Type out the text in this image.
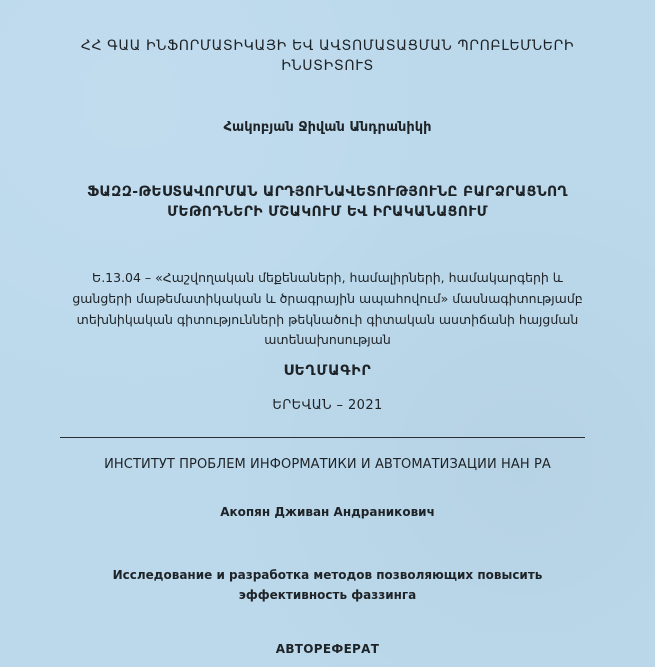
ՀՀ ԳԱԱ ԻՆՖՈՐՄԱՏԻԿԱՅԻ ԵՎ ԱՎՏՈՄԱՏԱՑՄԱՆ ՊՐՈԲԼԵՄՆԵՐԻ
ԻՆՍՏԻՏՈՒՏ
Հակոբյան Ջիվան Անդրանիկի
ՖԱԶԶ-ԹԵՍՏԱՎՈՐՄԱՆ ԱՐԴՅՈՒՆԱՎԵՏՈՒԹՅՈՒՆԸ ԲԱՐՁՐԱՑՆՈՂ
ՄԵԹՈԴՆԵՐԻ ՄՇԱԿՈՒՄ ԵՎ ԻՐԱԿԱՆԱՑՈՒՄ
Ե.13.04 – «Հաշվողական մեքենաների, համալիրների, համակարգերի և
ցանցերի մաթեմատիկական և ծրագրային ապահովում» մասնագիտությամբ
տեխնիկական գիտությունների թեկնածուի գիտական աստիճանի հայցման
ատենախոսության
ՍԵՂՄԱԳԻՐ
ԵՐԵՎԱՆ – 2021
ИНСТИТУТ ПРОБЛЕМ ИНФОРМАТИКИ И АВТОМАТИЗАЦИИ НАН РА
Акопян Дживан Андраникович
Исследование и разработка методов позволяющих повысить
эффективность фаззинга
АВТОРЕФЕРАТ
